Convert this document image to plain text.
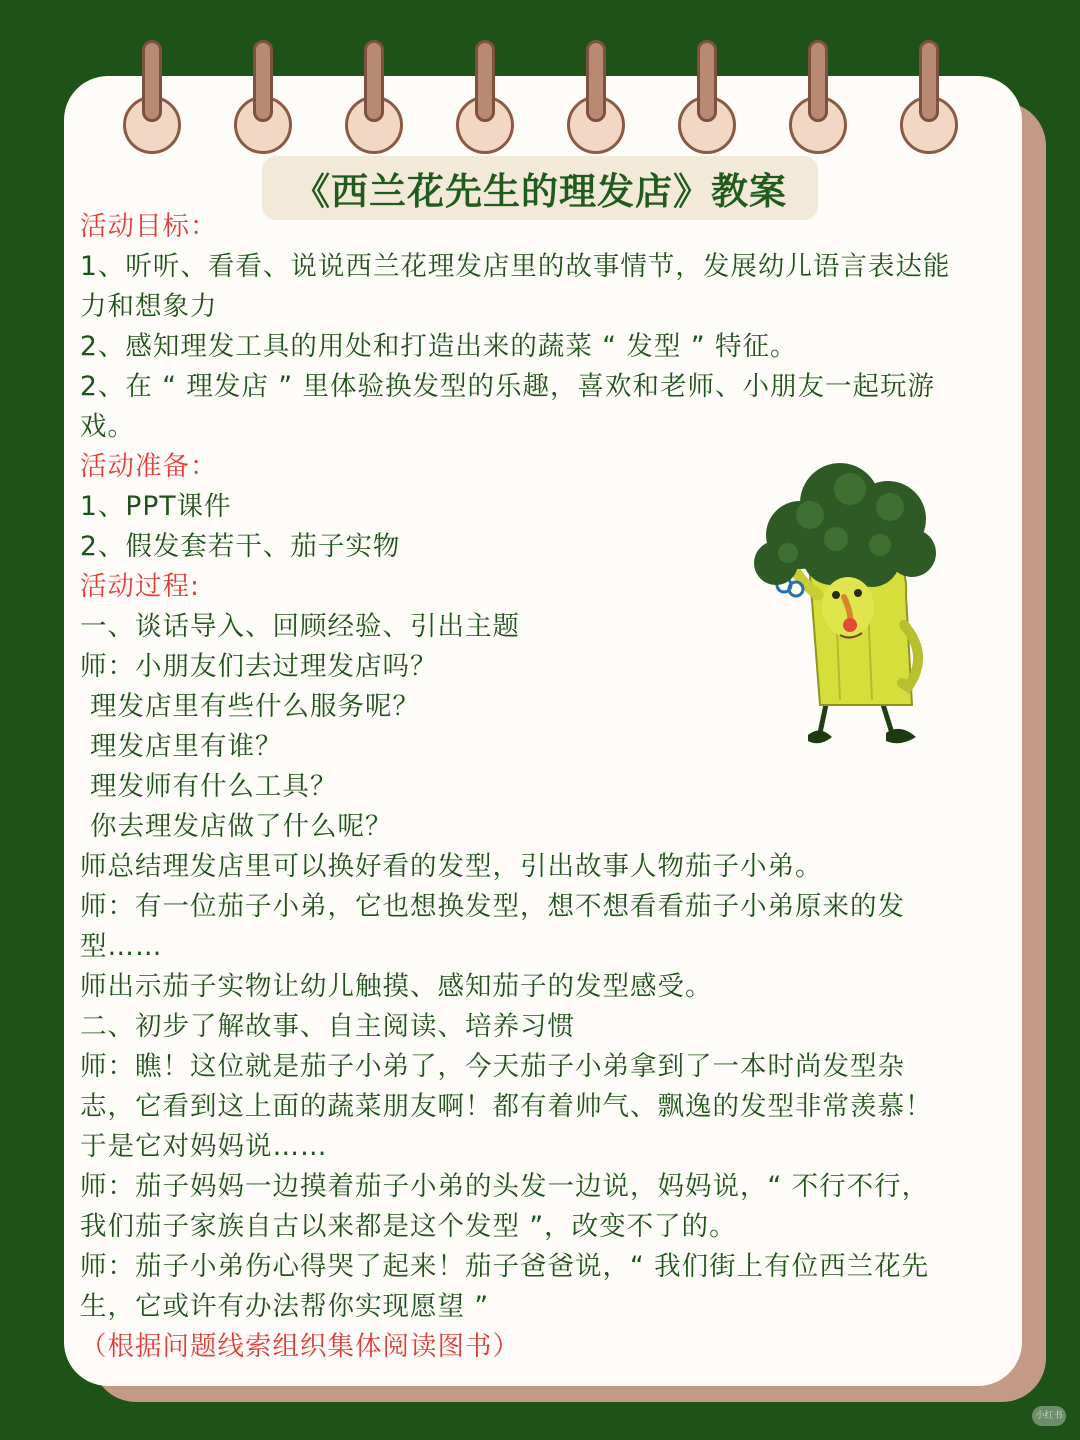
《西兰花先生的理发店》教案
活动目标：
1、听听、看看、说说西兰花理发店里的故事情节，发展幼儿语言表达能
力和想象力
2、感知理发工具的用处和打造出来的蔬菜 “ 发型 ” 特征。
2、在 “ 理发店 ” 里体验换发型的乐趣，喜欢和老师、小朋友一起玩游
戏。
活动准备：
1、PPT课件
2、假发套若干、茄子实物
活动过程:
一、谈话导入、回顾经验、引出主题
师：小朋友们去过理发店吗？
理发店里有些什么服务呢？
理发店里有谁？
理发师有什么工具？
你去理发店做了什么呢？
师总结理发店里可以换好看的发型，引出故事人物茄子小弟。
师：有一位茄子小弟，它也想换发型，想不想看看茄子小弟原来的发
型……
师出示茄子实物让幼儿触摸、感知茄子的发型感受。
二、初步了解故事、自主阅读、培养习惯
师：瞧！这位就是茄子小弟了，今天茄子小弟拿到了一本时尚发型杂
志，它看到这上面的蔬菜朋友啊！都有着帅气、飘逸的发型非常羡慕！
于是它对妈妈说……
师：茄子妈妈一边摸着茄子小弟的头发一边说，妈妈说，“ 不行不行，
我们茄子家族自古以来都是这个发型 ”，改变不了的。
师：茄子小弟伤心得哭了起来！茄子爸爸说，“ 我们街上有位西兰花先
生，它或许有办法帮你实现愿望 ”
（根据问题线索组织集体阅读图书）
小红书
